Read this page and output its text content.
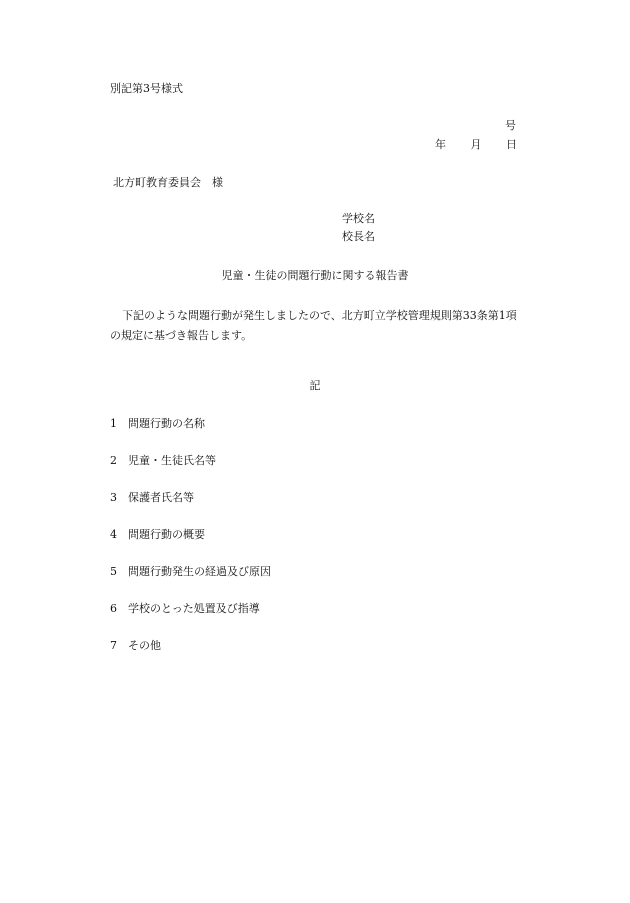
別記第3号様式
号
年 月 日
北方町教育委員会　様
学校名
校長名
児童・生徒の問題行動に関する報告書
下記のような問題行動が発生しましたので、北方町立学校管理規則第33条第1項の規定に基づき報告します。
記
1	問題行動の名称
2	児童・生徒氏名等
3	保護者氏名等
4	問題行動の概要
5	問題行動発生の経過及び原因
6	学校のとった処置及び指導
7	その他
